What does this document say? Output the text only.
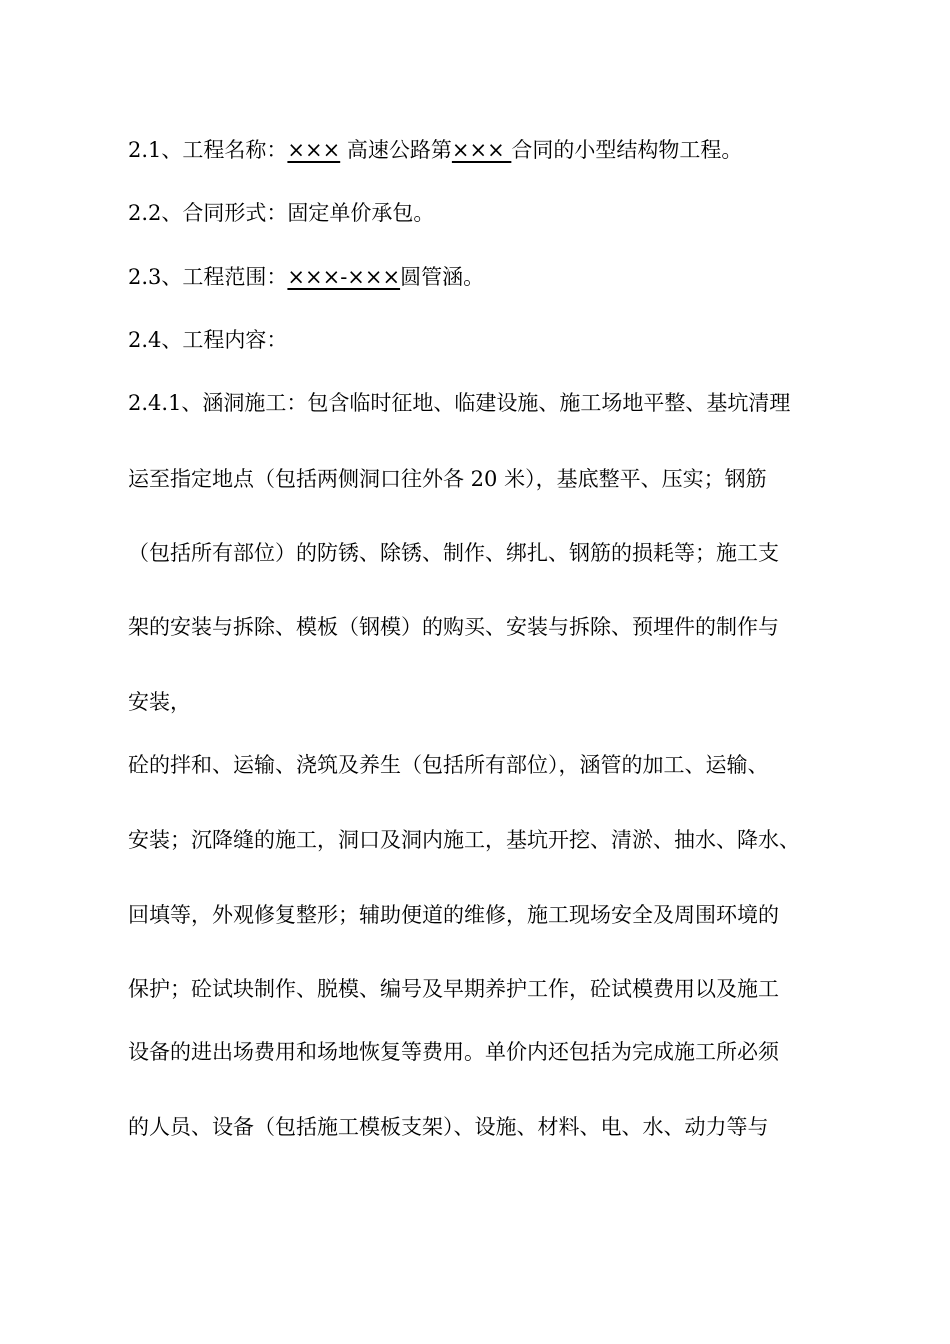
2.1、工程名称：××× 高速公路第××× 合同的小型结构物工程。
2.2、合同形式：固定单价承包。
2.3、工程范围：×××-×××圆管涵。
2.4、工程内容：
2.4.1、涵洞施工：包含临时征地、临建设施、施工场地平整、基坑清理
运至指定地点（包括两侧洞口往外各 20 米），基底整平、压实；钢筋
（包括所有部位）的防锈、除锈、制作、绑扎、钢筋的损耗等；施工支
架的安装与拆除、模板（钢模）的购买、安装与拆除、预埋件的制作与
安装，
砼的拌和、运输、浇筑及养生（包括所有部位），涵管的加工、运输、
安装；沉降缝的施工，洞口及洞内施工，基坑开挖、清淤、抽水、降水、
回填等，外观修复整形；辅助便道的维修，施工现场安全及周围环境的
保护；砼试块制作、脱模、编号及早期养护工作，砼试模费用以及施工
设备的进出场费用和场地恢复等费用。单价内还包括为完成施工所必须
的人员、设备（包括施工模板支架）、设施、材料、电、水、动力等与
